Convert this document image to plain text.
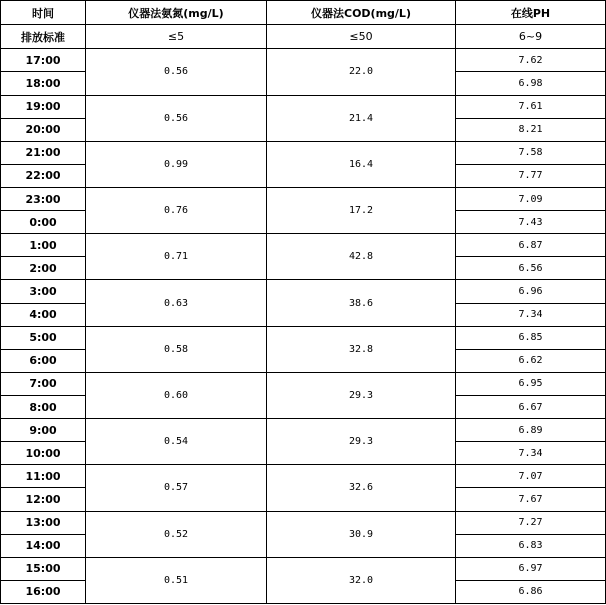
时间	仪器法氨氮(mg/L)	仪器法COD(mg/L)	在线PH
排放标准	≤5	≤50	6~9
17:00	0.56	22.0	7.62
18:00			6.98
19:00	0.56	21.4	7.61
20:00			8.21
21:00	0.99	16.4	7.58
22:00			7.77
23:00	0.76	17.2	7.09
0:00			7.43
1:00	0.71	42.8	6.87
2:00			6.56
3:00	0.63	38.6	6.96
4:00			7.34
5:00	0.58	32.8	6.85
6:00			6.62
7:00	0.60	29.3	6.95
8:00			6.67
9:00	0.54	29.3	6.89
10:00			7.34
11:00	0.57	32.6	7.07
12:00			7.67
13:00	0.52	30.9	7.27
14:00			6.83
15:00	0.51	32.0	6.97
16:00			6.86
